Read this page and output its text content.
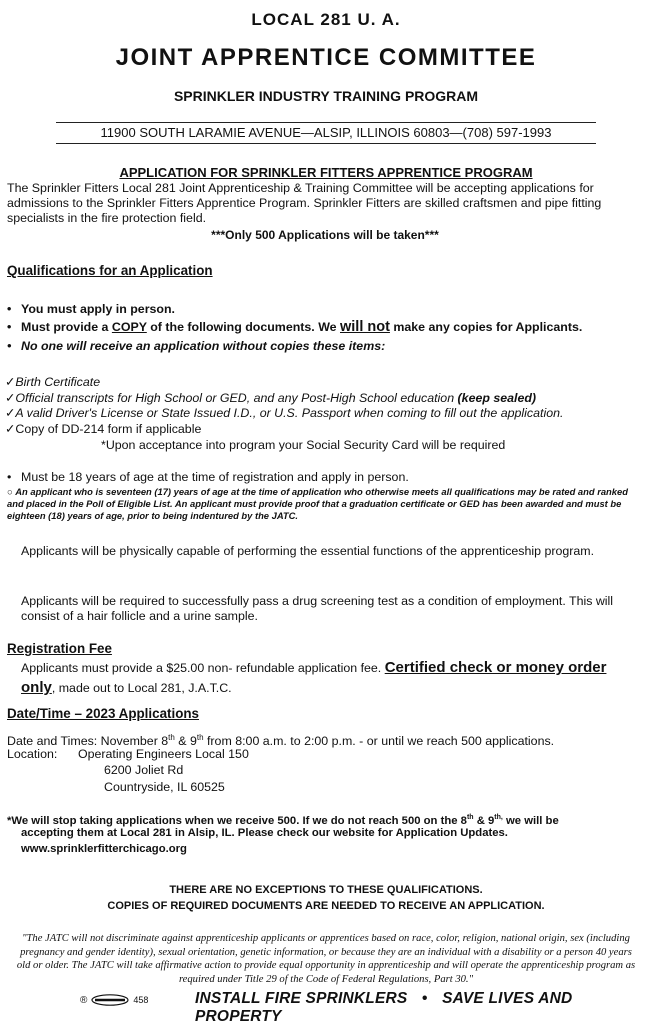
LOCAL 281 U. A.
JOINT APPRENTICE COMMITTEE
SPRINKLER INDUSTRY TRAINING PROGRAM
11900 SOUTH LARAMIE AVENUE—ALSIP, ILLINOIS 60803—(708) 597-1993
APPLICATION FOR SPRINKLER FITTERS APPRENTICE PROGRAM
The Sprinkler Fitters Local 281 Joint Apprenticeship & Training Committee will be accepting applications for admissions to the Sprinkler Fitters Apprentice Program. Sprinkler Fitters are skilled craftsmen and pipe fitting specialists in the fire protection field.
***Only 500 Applications will be taken***
Qualifications for an Application
• You must apply in person.
• Must provide a COPY of the following documents. We will not make any copies for Applicants.
• No one will receive an application without copies these items:
✓Birth Certificate
✓Official transcripts for High School or GED, and any Post-High School education (keep sealed)
✓A valid Driver's License or State Issued I.D., or U.S. Passport when coming to fill out the application.
✓Copy of DD-214 form if applicable
*Upon acceptance into program your Social Security Card will be required
• Must be 18 years of age at the time of registration and apply in person.
○ An applicant who is seventeen (17) years of age at the time of application who otherwise meets all qualifications may be rated and ranked and placed in the Poll of Eligible List. An applicant must provide proof that a graduation certificate or GED has been awarded and must be eighteen (18) years of age, prior to being indentured by the JATC.
Applicants will be physically capable of performing the essential functions of the apprenticeship program.
Applicants will be required to successfully pass a drug screening test as a condition of employment. This will consist of a hair follicle and a urine sample.
Registration Fee
Applicants must provide a $25.00 non- refundable application fee. Certified check or money order only, made out to Local 281, J.A.T.C.
Date/Time – 2023 Applications
Date and Times: November 8th & 9th from 8:00 a.m. to 2:00 p.m. - or until we reach 500 applications.
Location:	Operating Engineers Local 150
6200 Joliet Rd
Countryside, IL 60525
*We will stop taking applications when we receive 500. If we do not reach 500 on the 8th & $9^{th,}$ we will be
accepting them at Local 281 in Alsip, IL. Please check our website for Application Updates.
www.sprinklerfitterchicago.org
THERE ARE NO EXCEPTIONS TO THESE QUALIFICATIONS.
COPIES OF REQUIRED DOCUMENTS ARE NEEDED TO RECEIVE AN APPLICATION.
"The JATC will not discriminate against apprenticeship applicants or apprentices based on race, color, religion, national origin, sex (including pregnancy and gender identity), sexual orientation, genetic information, or because they are an individual with a disability or a person 40 years old or older. The JATC will take affirmative action to provide equal opportunity in apprenticeship and will operate the apprenticeship program as required under Title 29 of the Code of Federal Regulations, Part 30."
®	458	INSTALL FIRE SPRINKLERS • SAVE LIVES AND PROPERTY
